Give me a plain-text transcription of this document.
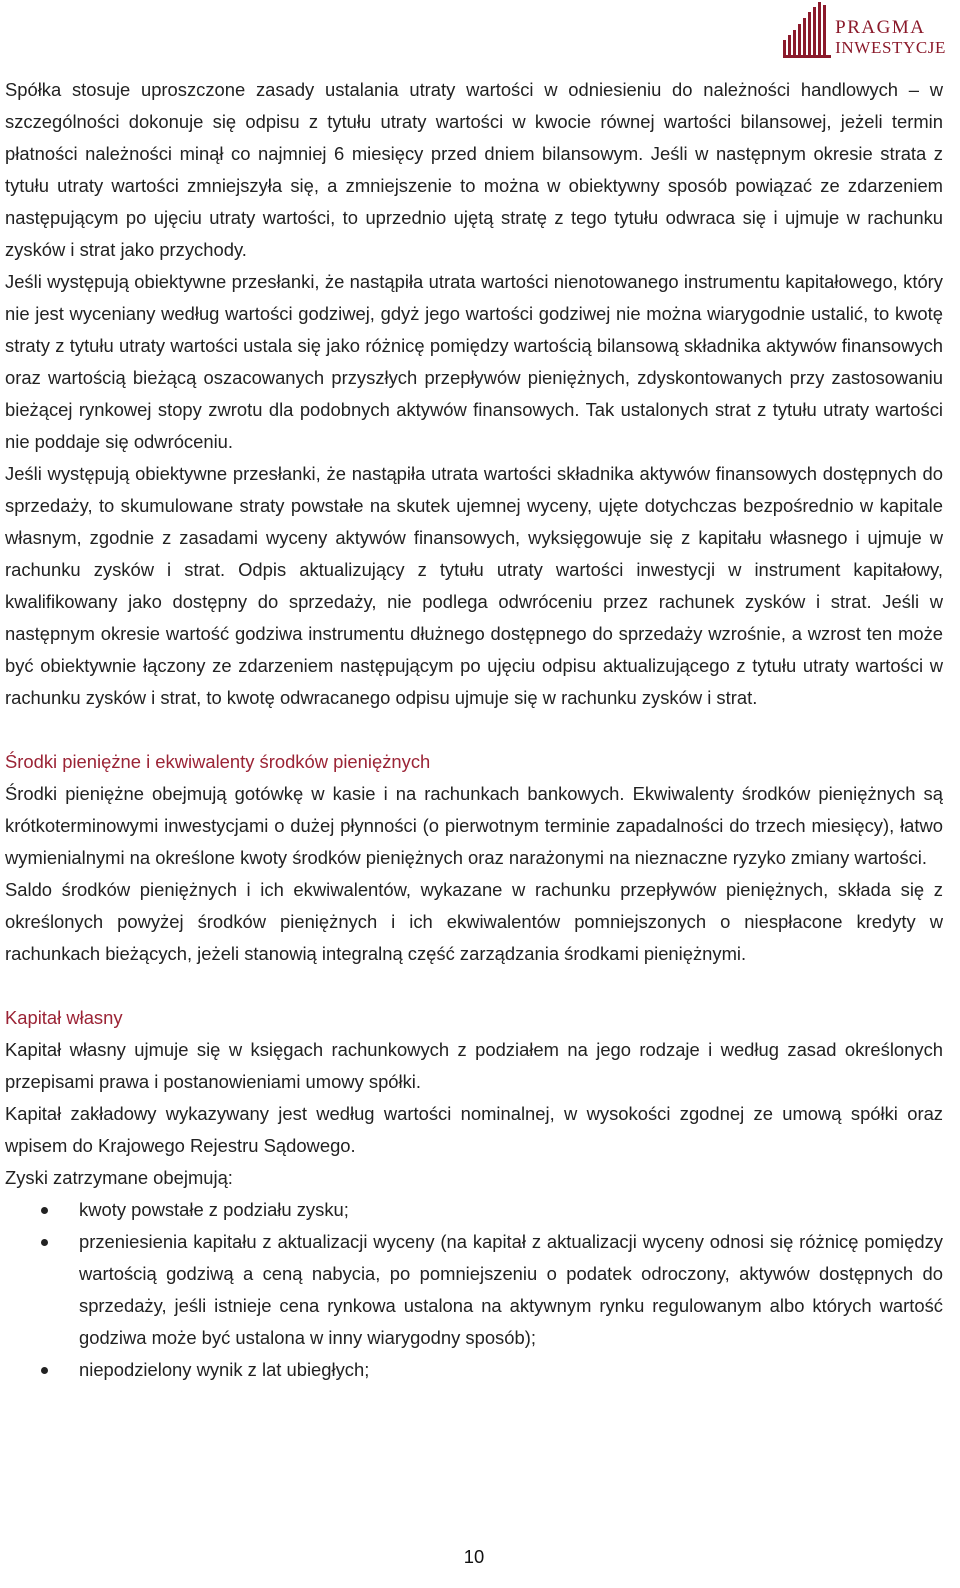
PRAGMA
INWESTYCJE

Spółka stosuje uproszczone zasady ustalania utraty wartości w odniesieniu do należności handlowych – w szczególności dokonuje się odpisu z tytułu utraty wartości w kwocie równej wartości bilansowej, jeżeli termin płatności należności minął co najmniej 6 miesięcy przed dniem bilansowym. Jeśli w następnym okresie strata z tytułu utraty wartości zmniejszyła się, a zmniejszenie to można w obiektywny sposób powiązać ze zdarzeniem następującym po ujęciu utraty wartości, to uprzednio ujętą stratę z tego tytułu odwraca się i ujmuje w rachunku zysków i strat jako przychody.

Jeśli występują obiektywne przesłanki, że nastąpiła utrata wartości nienotowanego instrumentu kapitałowego, który nie jest wyceniany według wartości godziwej, gdyż jego wartości godziwej nie można wiarygodnie ustalić, to kwotę straty z tytułu utraty wartości ustala się jako różnicę pomiędzy wartością bilansową składnika aktywów finansowych oraz wartością bieżącą oszacowanych przyszłych przepływów pieniężnych, zdyskontowanych przy zastosowaniu bieżącej rynkowej stopy zwrotu dla podobnych aktywów finansowych. Tak ustalonych strat z tytułu utraty wartości nie poddaje się odwróceniu.

Jeśli występują obiektywne przesłanki, że nastąpiła utrata wartości składnika aktywów finansowych dostępnych do sprzedaży, to skumulowane straty powstałe na skutek ujemnej wyceny, ujęte dotychczas bezpośrednio w kapitale własnym, zgodnie z zasadami wyceny aktywów finansowych, wyksięgowuje się z kapitału własnego i ujmuje w rachunku zysków i strat. Odpis aktualizujący z tytułu utraty wartości inwestycji w instrument kapitałowy, kwalifikowany jako dostępny do sprzedaży, nie podlega odwróceniu przez rachunek zysków i strat. Jeśli w następnym okresie wartość godziwa instrumentu dłużnego dostępnego do sprzedaży wzrośnie, a wzrost ten może być obiektywnie łączony ze zdarzeniem następującym po ujęciu odpisu aktualizującego z tytułu utraty wartości w rachunku zysków i strat, to kwotę odwracanego odpisu ujmuje się w rachunku zysków i strat.

Środki pieniężne i ekwiwalenty środków pieniężnych

Środki pieniężne obejmują gotówkę w kasie i na rachunkach bankowych. Ekwiwalenty środków pieniężnych są krótkoterminowymi inwestycjami o dużej płynności (o pierwotnym terminie zapadalności do trzech miesięcy), łatwo wymienialnymi na określone kwoty środków pieniężnych oraz narażonymi na nieznaczne ryzyko zmiany wartości.

Saldo środków pieniężnych i ich ekwiwalentów, wykazane w rachunku przepływów pieniężnych, składa się z określonych powyżej środków pieniężnych i ich ekwiwalentów pomniejszonych o niespłacone kredyty w rachunkach bieżących, jeżeli stanowią integralną część zarządzania środkami pieniężnymi.

Kapitał własny

Kapitał własny ujmuje się w księgach rachunkowych z podziałem na jego rodzaje i według zasad określonych przepisami prawa i postanowieniami umowy spółki.

Kapitał zakładowy wykazywany jest według wartości nominalnej, w wysokości zgodnej ze umową spółki oraz wpisem do Krajowego Rejestru Sądowego.

Zyski zatrzymane obejmują:

kwoty powstałe z podziału zysku;
przeniesienia kapitału z aktualizacji wyceny (na kapitał z aktualizacji wyceny odnosi się różnicę pomiędzy wartością godziwą a ceną nabycia, po pomniejszeniu o podatek odroczony, aktywów dostępnych do sprzedaży, jeśli istnieje cena rynkowa ustalona na aktywnym rynku regulowanym albo których wartość godziwa może być ustalona w inny wiarygodny sposób);
niepodzielony wynik z lat ubiegłych;
10
